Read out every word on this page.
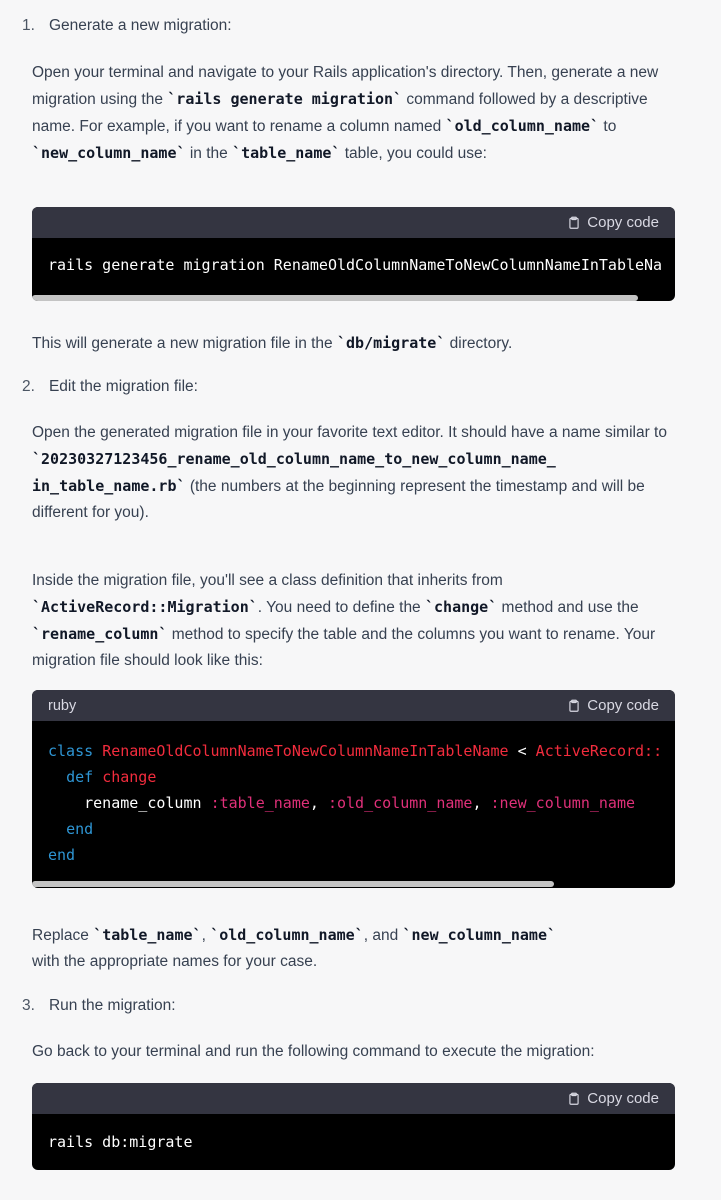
1. Generate a new migration:
Open your terminal and navigate to your Rails application's directory. Then, generate a new migration using the `rails generate migration` command followed by a descriptive name. For example, if you want to rename a column named `old_column_name` to `new_column_name` in the `table_name` table, you could use:
Copy code
rails generate migration RenameOldColumnNameToNewColumnNameInTableNa
This will generate a new migration file in the `db/migrate` directory.
2. Edit the migration file:
Open the generated migration file in your favorite text editor. It should have a name similar to
`20230327123456_rename_old_column_name_to_new_column_name_
in_table_name.rb` (the numbers at the beginning represent the timestamp and will be different for you).
Inside the migration file, you'll see a class definition that inherits from
`ActiveRecord::Migration`. You need to define the `change` method and use the `rename_column` method to specify the table and the columns you want to rename. Your migration file should look like this:
ruby	Copy code
class RenameOldColumnNameToNewColumnNameInTableName < ActiveRecord::
def change
rename_column :table_name, :old_column_name, :new_column_name
end
end
Replace `table_name`, `old_column_name`, and `new_column_name`
with the appropriate names for your case.
3. Run the migration:
Go back to your terminal and run the following command to execute the migration:
Copy code
rails db:migrate
